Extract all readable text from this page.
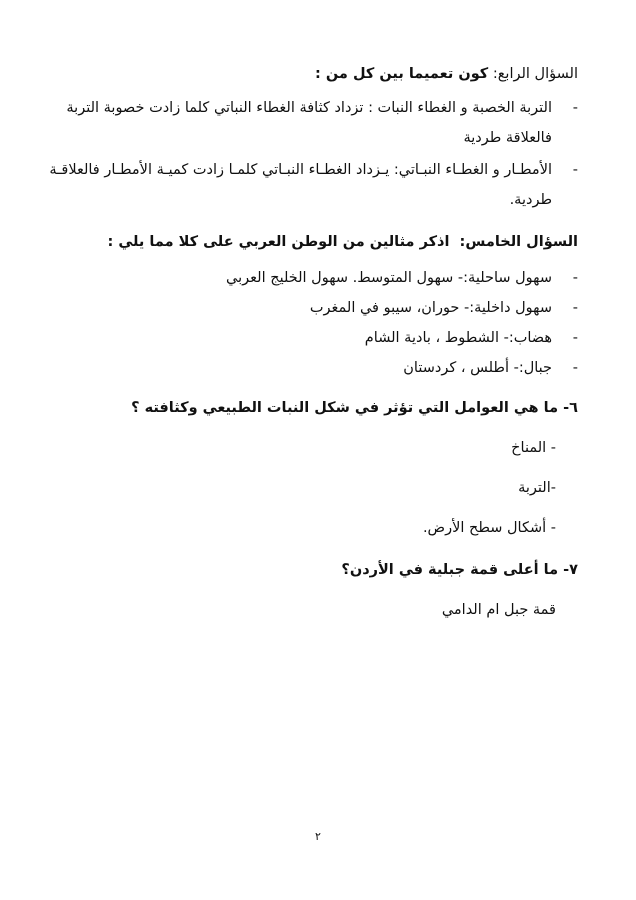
السؤال الرابع: كون تعميما بين كل من :
-التربة الخصبة و الغطاء النبات : تزداد كثافة الغطاء النباتي كلما زادت خصوبة التربة
فالعلاقة طردية
-الأمطـار و الغطـاء النبـاتي: يـزداد الغطـاء النبـاتي كلمـا زادت كميـة الأمطـار فالعلاقـة
طردية.
السؤال الخامس:  اذكر مثالين من الوطن العربي على كلا مما يلي :
-سهول ساحلية:- سهول المتوسط. سهول الخليج العربي
-سهول داخلية:- حوران، سيبو في المغرب
-هضاب:- الشطوط ، بادية الشام
-جبال:- أطلس ، كردستان
٦- ما هي العوامل التي تؤثر في شكل النبات الطبيعي وكثافته ؟
- المناخ
-التربة
- أشكال سطح الأرض.
٧- ما أعلى قمة جبلية في الأردن؟
قمة جبل ام الدامي
٢
